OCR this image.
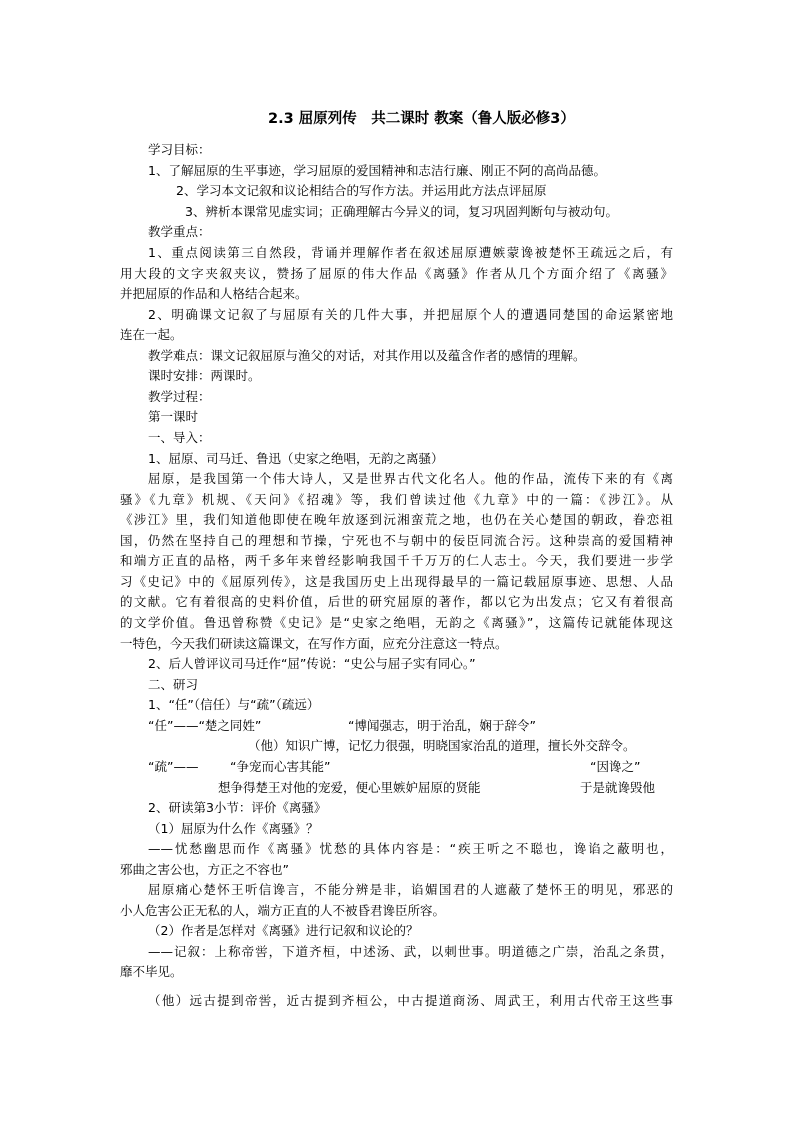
2.3 屈原列传　共二课时 教案（鲁人版必修3）
学习目标：
1、了解屈原的生平事迹，学习屈原的爱国精神和志洁行廉、刚正不阿的高尚品德。
2、学习本文记叙和议论相结合的写作方法。并运用此方法点评屈原
3、辨析本课常见虚实词；正确理解古今异义的词，复习巩固判断句与被动句。
教学重点：
1、重点阅读第三自然段，背诵并理解作者在叙述屈原遭嫉蒙谗被楚怀王疏远之后，有
用大段的文字夹叙夹议，赞扬了屈原的伟大作品《离骚》作者从几个方面介绍了《离骚》
并把屈原的作品和人格结合起来。
2、明确课文记叙了与屈原有关的几件大事，并把屈原个人的遭遇同楚国的命运紧密地
连在一起。
教学难点：课文记叙屈原与渔父的对话，对其作用以及蕴含作者的感情的理解。
课时安排：两课时。
教学过程：
第一课时
一、导入：
1、屈原、司马迁、鲁迅（史家之绝唱，无韵之离骚）
屈原，是我国第一个伟大诗人，又是世界古代文化名人。他的作品，流传下来的有《离
骚》《九章》机规、《天问》《招魂》等，我们曾读过他《九章》中的一篇：《涉江》。从
《涉江》里，我们知道他即使在晚年放逐到沅湘蛮荒之地，也仍在关心楚国的朝政，眷恋祖
国，仍然在坚持自己的理想和节操，宁死也不与朝中的佞臣同流合污。这种崇高的爱国精神
和端方正直的品格，两千多年来曾经影响我国千千万万的仁人志士。今天，我们要进一步学
习《史记》中的《屈原列传》，这是我国历史上出现得最早的一篇记载屈原事迹、思想、人品
的文献。它有着很高的史料价值，后世的研究屈原的著作，都以它为出发点；它又有着很高
的文学价值。鲁迅曾称赞《史记》是“史家之绝唱，无韵之《离骚》”，这篇传记就能体现这
一特色，今天我们研读这篇课文，在写作方面，应充分注意这一特点。
2、后人曾评议司马迁作“屈”传说：“史公与屈子实有同心。”
二、研习
1、“任”（信任）与“疏”（疏远）
“任”——“楚之同姓”	“博闻强志，明于治乱，娴于辞令”
（他）知识广博，记忆力很强，明晓国家治乱的道理，擅长外交辞令。
“疏”——	“争宠而心害其能”	“因谗之”
想争得楚王对他的宠爱，便心里嫉妒屈原的贤能	于是就谗毁他
2、研读第3小节：评价《离骚》
（1）屈原为什么作《离骚》？
——忧愁幽思而作《离骚》忧愁的具体内容是：“疾王听之不聪也，谗谄之蔽明也，
邪曲之害公也，方正之不容也”
屈原痛心楚怀王听信谗言，不能分辨是非，谄媚国君的人遮蔽了楚怀王的明见，邪恶的
小人危害公正无私的人，端方正直的人不被昏君谗臣所容。
（2）作者是怎样对《离骚》进行记叙和议论的？
——记叙：上称帝喾，下道齐桓，中述汤、武，以刺世事。明道德之广崇，治乱之条贯，
靡不毕见。
（他）远古提到帝喾，近古提到齐桓公，中古提道商汤、周武王，利用古代帝王这些事
